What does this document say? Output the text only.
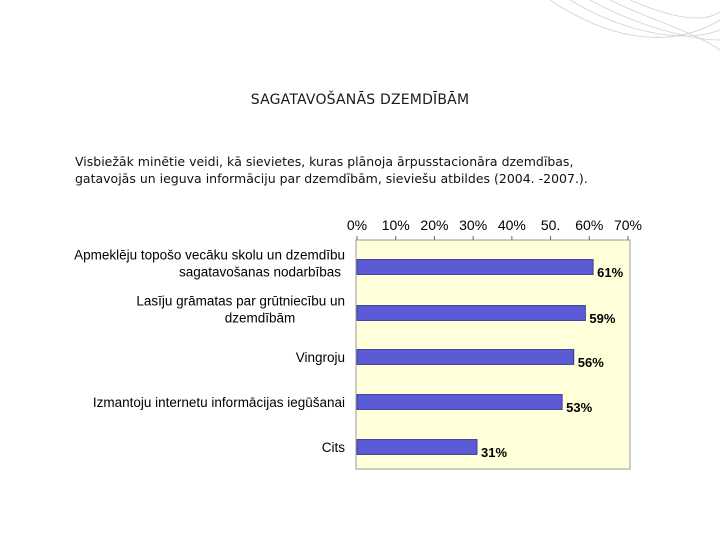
SAGATAVOŠANĀS DZEMDĪBĀM
Visbiežāk minētie veidi, kā sievietes, kuras plānoja ārpusstacionāra dzemdības,
gatavojās un ieguva informāciju par dzemdībām, sieviešu atbildes (2004. -2007.).
0% 10% 20% 30% 40% 50. 60% 70%
61%
Apmeklēju topošo vecāku skolu un dzemdību
sagatavošanas nodarbības
59%
Lasīju grāmatas par grūtniecību un
dzemdībām
56%
Vingroju
53%
Izmantoju internetu informācijas iegūšanai
31%
Cits
